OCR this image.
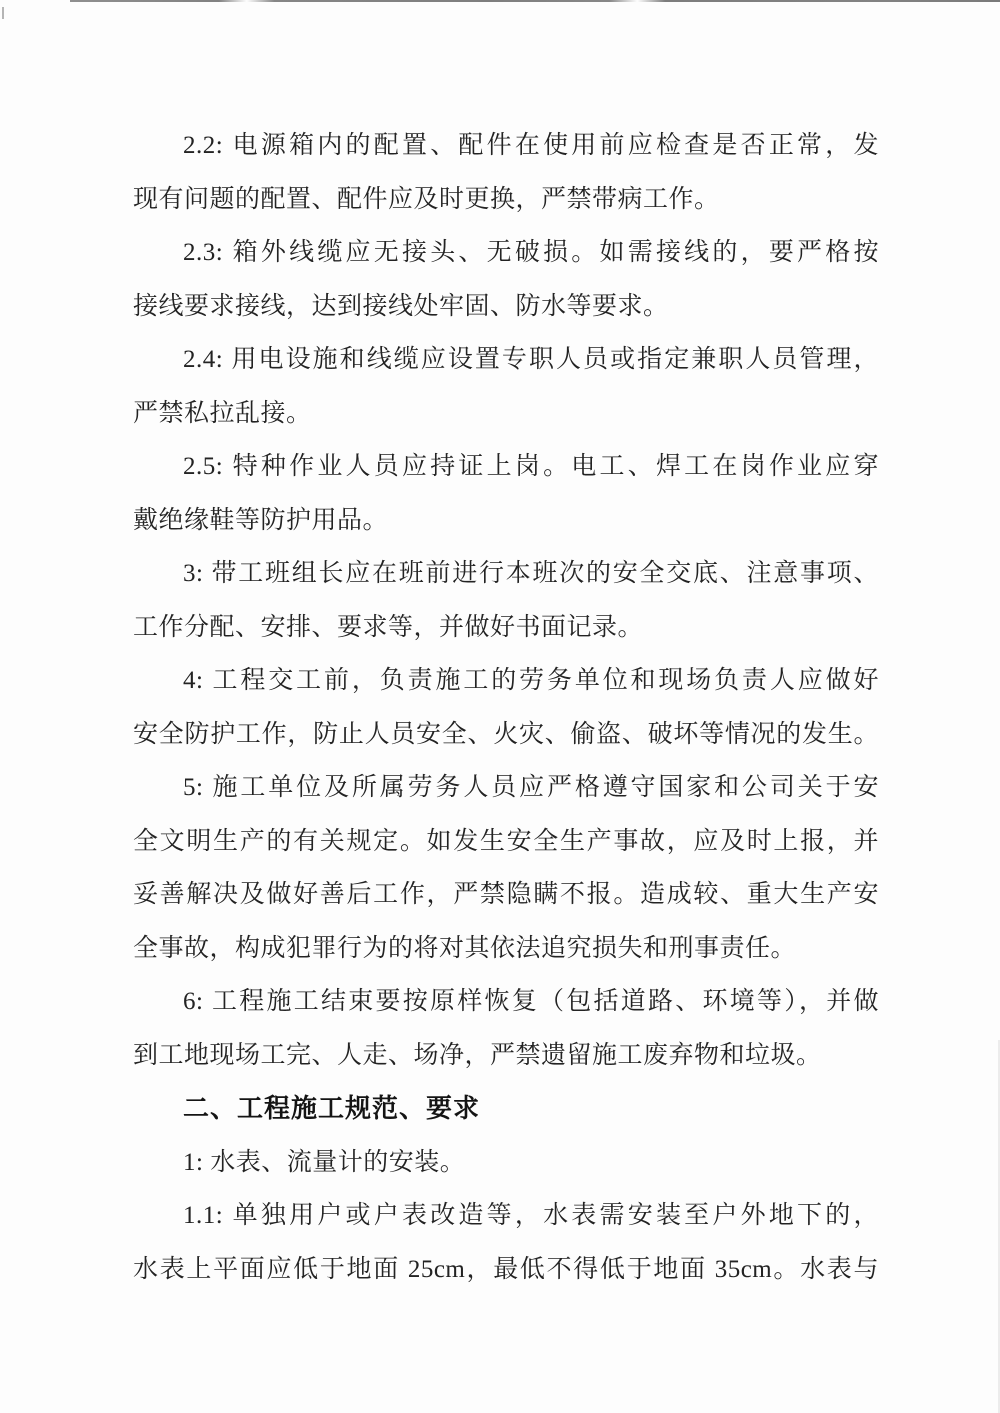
2.2: 电源箱内的配置、配件在使用前应检查是否正常，发
现有问题的配置、配件应及时更换，严禁带病工作。
2.3: 箱外线缆应无接头、无破损。如需接线的，要严格按
接线要求接线，达到接线处牢固、防水等要求。
2.4: 用电设施和线缆应设置专职人员或指定兼职人员管理，
严禁私拉乱接。
2.5: 特种作业人员应持证上岗。电工、焊工在岗作业应穿
戴绝缘鞋等防护用品。
3: 带工班组长应在班前进行本班次的安全交底、注意事项、
工作分配、安排、要求等，并做好书面记录。
4: 工程交工前，负责施工的劳务单位和现场负责人应做好
安全防护工作，防止人员安全、火灾、偷盗、破坏等情况的发生。
5: 施工单位及所属劳务人员应严格遵守国家和公司关于安
全文明生产的有关规定。如发生安全生产事故，应及时上报，并
妥善解决及做好善后工作，严禁隐瞒不报。造成较、重大生产安
全事故，构成犯罪行为的将对其依法追究损失和刑事责任。
6: 工程施工结束要按原样恢复（包括道路、环境等），并做
到工地现场工完、人走、场净，严禁遗留施工废弃物和垃圾。
二、工程施工规范、要求
1: 水表、流量计的安装。
1.1: 单独用户或户表改造等，水表需安装至户外地下的，
水表上平面应低于地面 25cm，最低不得低于地面 35cm。水表与
